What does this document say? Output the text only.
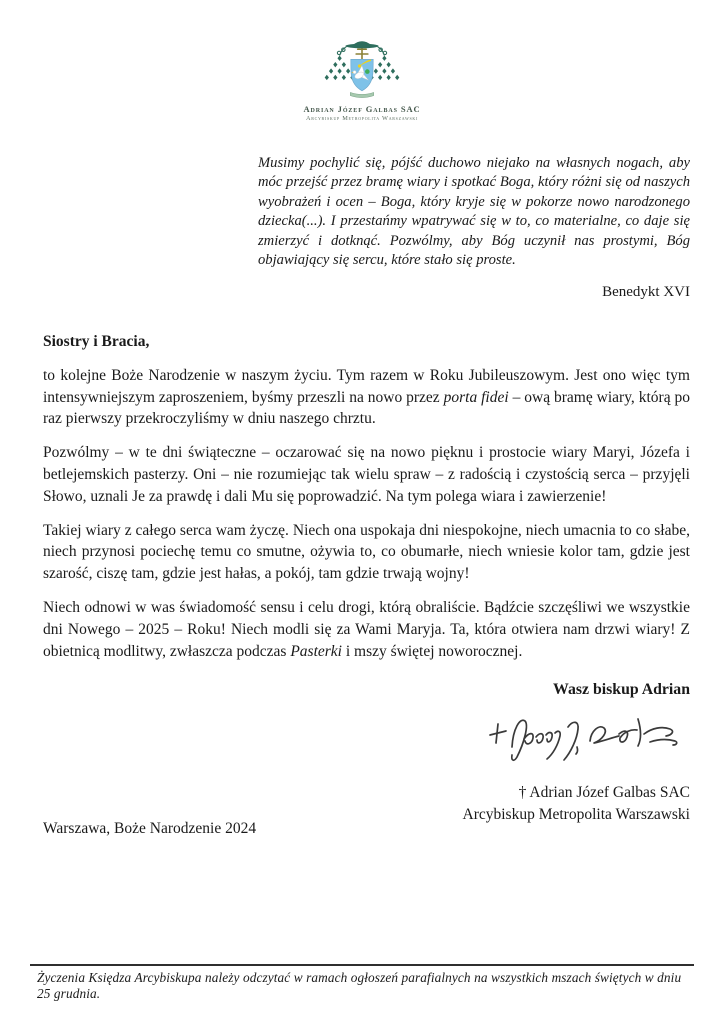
Adrian Józef Galbas SAC
Arcybiskup Metropolita Warszawski
Musimy pochylić się, pójść duchowo niejako na własnych nogach, aby móc przejść przez bramę wiary i spotkać Boga, który różni się od naszych wyobrażeń i ocen – Boga, który kryje się w pokorze nowo narodzonego dziecka(...). I przestańmy wpatrywać się w to, co materialne, co daje się zmierzyć i dotknąć. Pozwólmy, aby Bóg uczynił nas prostymi, Bóg objawiający się sercu, które stało się proste.
Benedykt XVI

Siostry i Bracia,

to kolejne Boże Narodzenie w naszym życiu. Tym razem w Roku Jubileuszowym. Jest ono więc tym intensywniejszym zaproszeniem, byśmy przeszli na nowo przez porta fidei – ową bramę wiary, którą po raz pierwszy przekroczyliśmy w dniu naszego chrztu.

Pozwólmy – w te dni świąteczne – oczarować się na nowo pięknu i prostocie wiary Maryi, Józefa i betlejemskich pasterzy. Oni – nie rozumiejąc tak wielu spraw – z radością i czystością serca – przyjęli Słowo, uznali Je za prawdę i dali Mu się poprowadzić. Na tym polega wiara i zawierzenie!

Takiej wiary z całego serca wam życzę. Niech ona uspokaja dni niespokojne, niech umacnia to co słabe, niech przynosi pociechę temu co smutne, ożywia to, co obumarłe, niech wniesie kolor tam, gdzie jest szarość, ciszę tam, gdzie jest hałas, a pokój, tam gdzie trwają wojny!

Niech odnowi w was świadomość sensu i celu drogi, którą obraliście. Bądźcie szczęśliwi we wszystkie dni Nowego – 2025 – Roku! Niech modli się za Wami Maryja. Ta, która otwiera nam drzwi wiary! Z obietnicą modlitwy, zwłaszcza podczas Pasterki i mszy świętej noworocznej.

Wasz biskup Adrian
† Adrian Józef Galbas SAC
Arcybiskup Metropolita Warszawski
Warszawa, Boże Narodzenie 2024
Życzenia Księdza Arcybiskupa należy odczytać w ramach ogłoszeń parafialnych na wszystkich mszach świętych w dniu 25 grudnia.
